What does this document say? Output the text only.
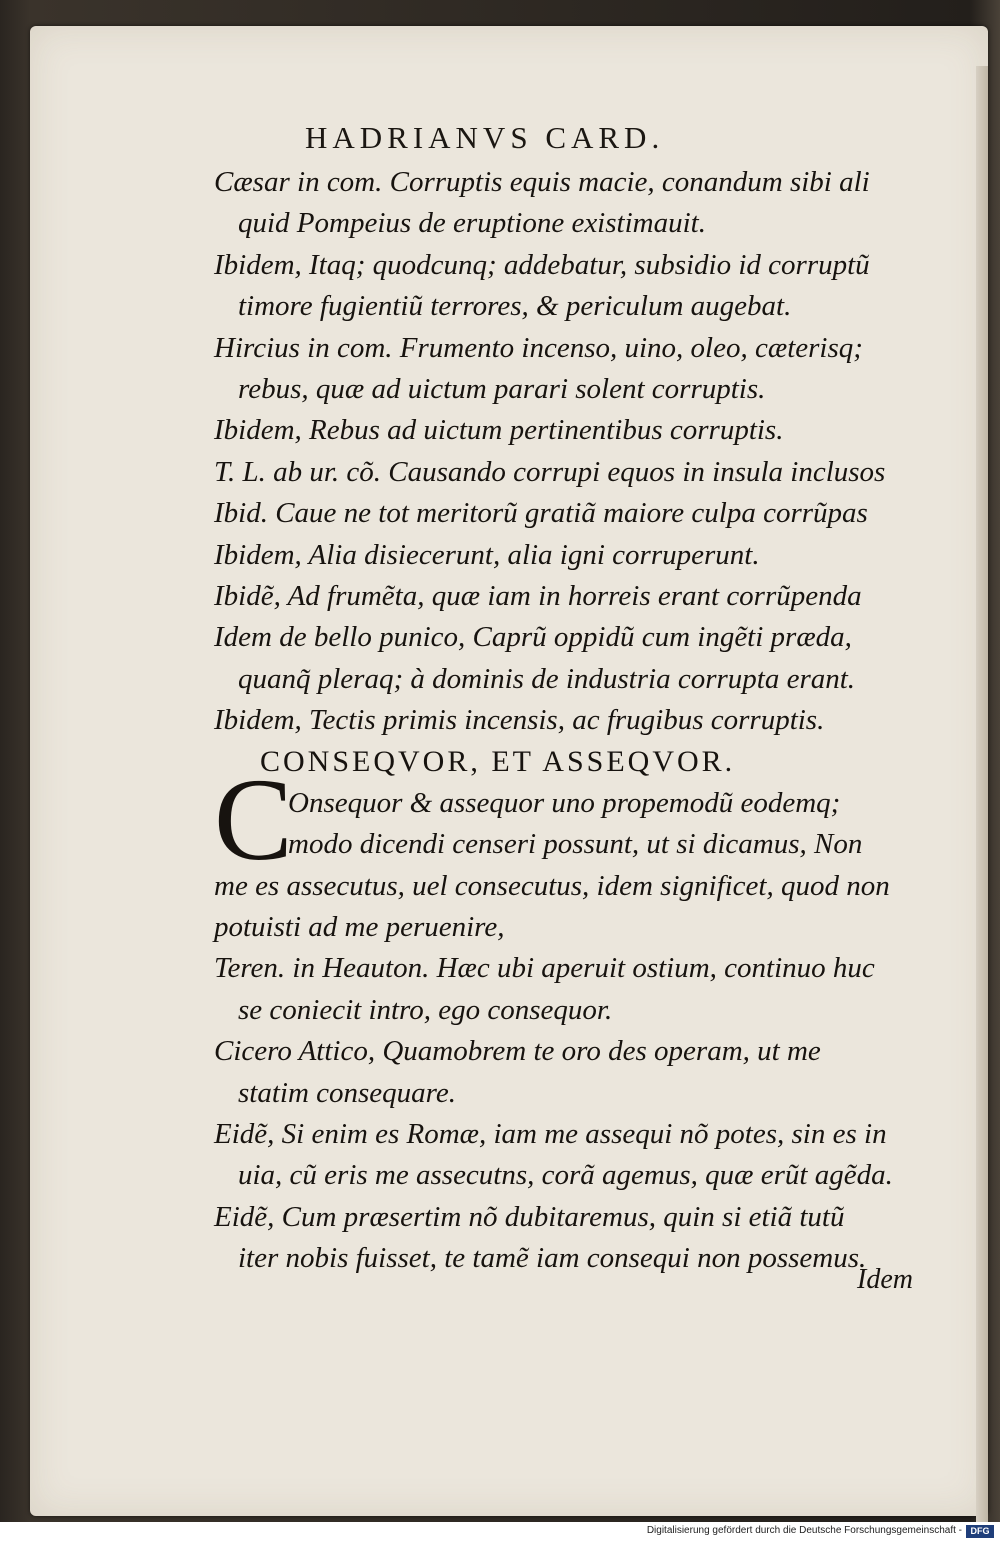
HADRIANVS CARD.
Cæsar in com. Corruptis equis macie, conandum sibi ali
quid Pompeius de eruptione existimauit.
Ibidem, Itaq; quodcunq; addebatur, subsidio id corruptũ
timore fugientiũ terrores, & periculum augebat.
Hircius in com. Frumento incenso, uino, oleo, cæterisq;
rebus, quæ ad uictum parari solent corruptis.
Ibidem, Rebus ad uictum pertinentibus corruptis.
T. L. ab ur. cõ. Causando corrupi equos in insula inclusos
Ibid. Caue ne tot meritorũ gratiã maiore culpa corrũpas
Ibidem, Alia disiecerunt, alia igni corruperunt.
Ibidẽ, Ad frumẽta, quæ iam in horreis erant corrũpenda
Idem de bello punico, Caprũ oppidũ cum ingẽti præda,
quanq̃ pleraq; à dominis de industria corrupta erant.
Ibidem, Tectis primis incensis, ac frugibus corruptis.
CONSEQVOR, ET ASSEQVOR.
Onsequor & assequor uno propemodũ eodemq;
modo dicendi censeri possunt, ut si dicamus, Non
me es assecutus, uel consecutus, idem significet, quod non
potuisti ad me peruenire,
Teren. in Heauton. Hæc ubi aperuit ostium, continuo huc
se coniecit intro, ego consequor.
Cicero Attico, Quamobrem te oro des operam, ut me
statim consequare.
Eidẽ, Si enim es Romæ, iam me assequi nõ potes, sin es in
uia, cũ eris me assecutns, corã agemus, quæ erũt agẽda.
Eidẽ, Cum præsertim nõ dubitaremus, quin si etiã tutũ
iter nobis fuisset, te tamẽ iam consequi non possemus.
C
Idem
Digitalisierung gefördert durch die Deutsche Forschungsgemeinschaft - DFG
